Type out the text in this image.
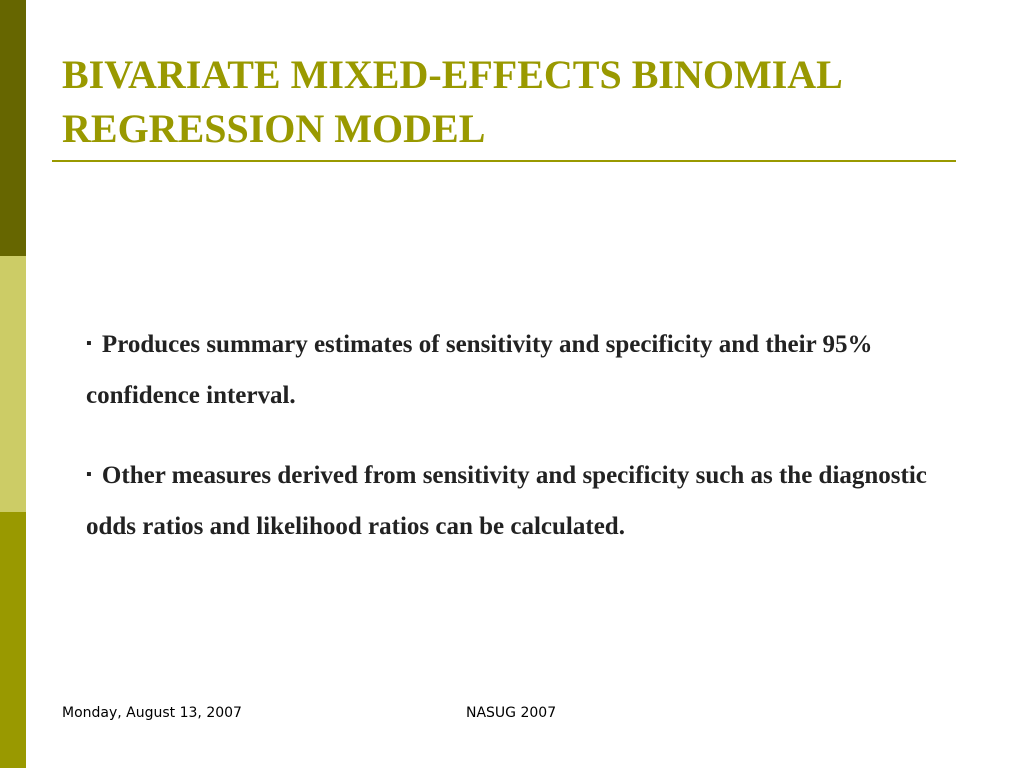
BIVARIATE MIXED-EFFECTS BINOMIAL
REGRESSION MODEL
▪ Produces summary estimates of sensitivity and specificity and their 95% confidence interval.
▪ Other measures derived from sensitivity and specificity such as the diagnostic odds ratios and likelihood ratios can be calculated.
Monday, August 13, 2007	NASUG 2007
